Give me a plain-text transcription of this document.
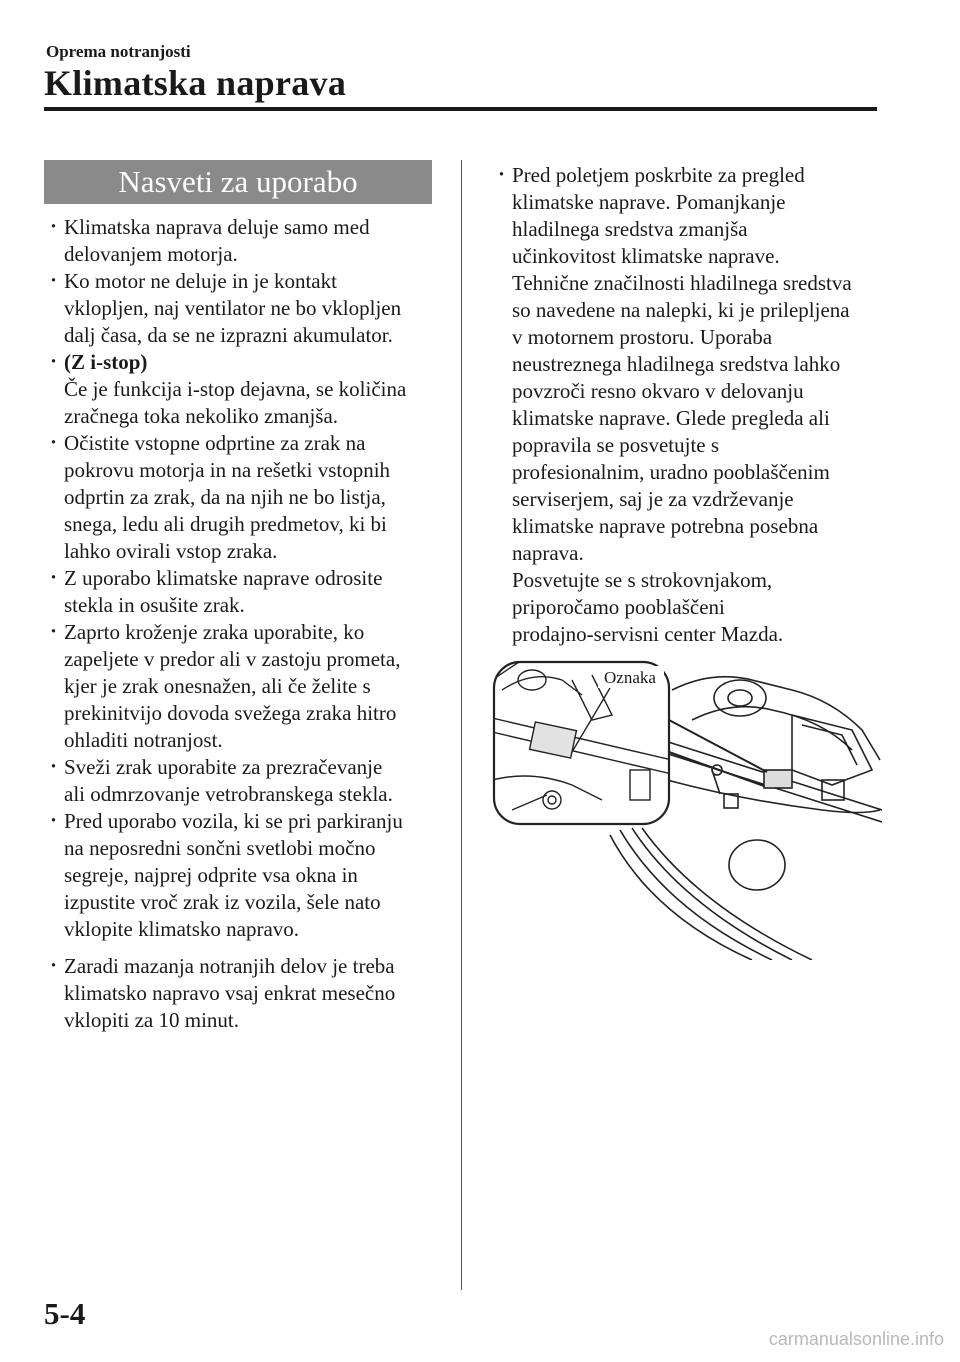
Oprema notranjosti
Klimatska naprava
Nasveti za uporabo
· Klimatska naprava deluje samo med
delovanjem motorja.
· Ko motor ne deluje in je kontakt
vklopljen, naj ventilator ne bo vklopljen
dalj časa, da se ne izprazni akumulator.
· (Z i-stop)
Če je funkcija i-stop dejavna, se količina
zračnega toka nekoliko zmanjša.
· Očistite vstopne odprtine za zrak na
pokrovu motorja in na rešetki vstopnih
odprtin za zrak, da na njih ne bo listja,
snega, ledu ali drugih predmetov, ki bi
lahko ovirali vstop zraka.
· Z uporabo klimatske naprave odrosite
stekla in osušite zrak.
· Zaprto kroženje zraka uporabite, ko
zapeljete v predor ali v zastoju prometa,
kjer je zrak onesnažen, ali če želite s
prekinitvijo dovoda svežega zraka hitro
ohladiti notranjost.
· Sveži zrak uporabite za prezračevanje
ali odmrzovanje vetrobranskega stekla.
· Pred uporabo vozila, ki se pri parkiranju
na neposredni sončni svetlobi močno
segreje, najprej odprite vsa okna in
izpustite vroč zrak iz vozila, šele nato
vklopite klimatsko napravo.
· Zaradi mazanja notranjih delov je treba
klimatsko napravo vsaj enkrat mesečno
vklopiti za 10 minut.
· Pred poletjem poskrbite za pregled
klimatske naprave. Pomanjkanje
hladilnega sredstva zmanjša
učinkovitost klimatske naprave.
Tehnične značilnosti hladilnega sredstva
so navedene na nalepki, ki je prilepljena
v motornem prostoru. Uporaba
neustreznega hladilnega sredstva lahko
povzroči resno okvaro v delovanju
klimatske naprave. Glede pregleda ali
popravila se posvetujte s
profesionalnim, uradno pooblaščenim
serviserjem, saj je za vzdrževanje
klimatske naprave potrebna posebna
naprava.
Posvetujte se s strokovnjakom,
priporočamo pooblaščeni
prodajno-servisni center Mazda.
Oznaka
5-4
carmanualsonline.info
